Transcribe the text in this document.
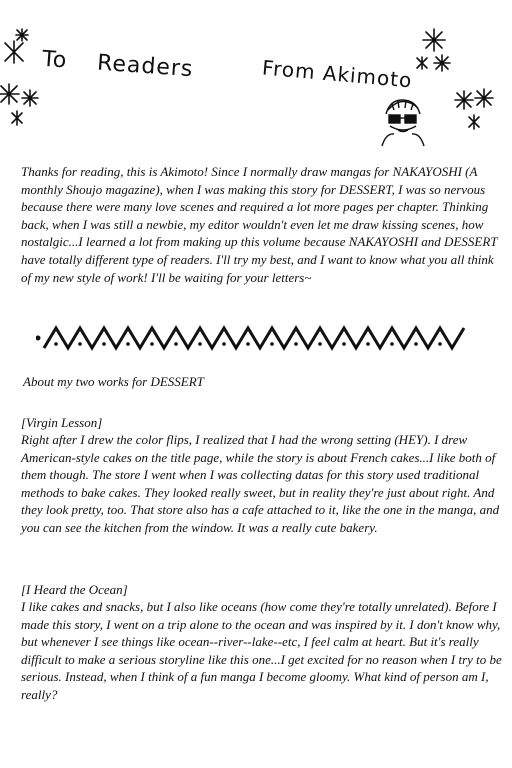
To Readers	From Akimoto

Thanks for reading, this is Akimoto! Since I normally draw mangas for NAKAYOSHI (A monthly Shoujo magazine), when I was making this story for DESSERT, I was so nervous because there were many love scenes and required a lot more pages per chapter. Thinking back, when I was still a newbie, my editor wouldn't even let me draw kissing scenes, how nostalgic...I learned a lot from making up this volume because NAKAYOSHI and DESSERT have totally different type of readers. I'll try my best, and I want to know what you all think of my new style of work! I'll be waiting for your letters~

About my two works for DESSERT

[Virgin Lesson]

Right after I drew the color flips, I realized that I had the wrong setting (HEY). I drew American-style cakes on the title page, while the story is about French cakes...I like both of them though. The store I went when I was collecting datas for this story used traditional methods to bake cakes. They looked really sweet, but in reality they're just about right. And they look pretty, too. That store also has a cafe attached to it, like the one in the manga, and you can see the kitchen from the window. It was a really cute bakery.

[I Heard the Ocean]

I like cakes and snacks, but I also like oceans (how come they're totally unrelated). Before I made this story, I went on a trip alone to the ocean and was inspired by it. I don't know why, but whenever I see things like ocean--river--lake--etc, I feel calm at heart. But it's really difficult to make a serious storyline like this one...I get excited for no reason when I try to be serious. Instead, when I think of a fun manga I become gloomy. What kind of person am I, really?
